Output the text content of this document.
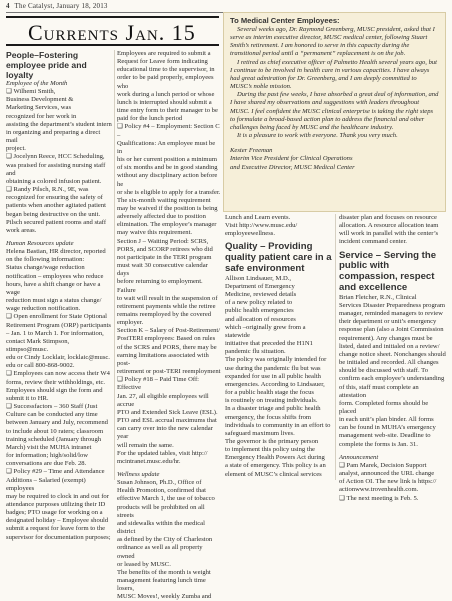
4 The Catalyst, January 18, 2013
Currents Jan. 15
People–Fostering employee pride and loyalty
Employee of the Month
❑ Wilhemi Smith,
Business Development &
Marketing Services, was
recognized for her work in
assisting the department’s student intern
in organizing and preparing a direct mail
project.
❑ Jocelynn Reece, HCC Scheduling,
was praised for assisting nursing staff and
obtaining a colored infusion patient.
❑ Randy Pilsch, R.N., 9E, was
recognized for ensuring the safety of
patients when another agitated patient
began being destructive on the unit.
Pilsch secured patient rooms and staff
work areas.
Human Resources update
Helena Bastian, HR director, reported
on the following information:
Status change/wage reduction
notification – employees who reduce
hours, have a shift change or have a wage
reduction must sign a status change/
wage reduction notification.
❑ Open enrollment for State Optional
Retirement Program (ORP) participants
– Jan. 1 to March 1. For information,
contact Mark Stimpson, stimpso@musc.
edu or Cindy Locklair, locklaic@musc.
edu or call 800-868-9002.
❑ Employees can now access their W4
forms, review their withholdings, etc.
Employees should sign the form and
submit it to HR.
❑ Successfactors – 360 Staff (Just
Culture can be conducted any time
between January and July, recommend
to include about 10 raters; classroom
training scheduled (January through
March) visit the MUHA intranet
for information; high/solid/low
conversations are due Feb. 28.
❑ Policy #29 – Time and Attendance
Additions – Salaried (exempt) employees
may be required to clock in and out for
attendance purposes utilizing their ID
badges; PTO usage for working on a
designated holiday – Employee should
submit a request for leave form to the
supervisor for documentation purposes;
Employees are required to submit a
Request for Leave form indicating
educational time to the supervisor, in
order to be paid properly, employees who
work during a lunch period or whose
lunch is interrupted should submit a
time entry form to their manager to be
paid for the lunch period
❑ Policy #4 – Employment: Section C –
Qualifications: An employee must be in
his or her current position a minimum
of six months and be in good standing
without any disciplinary action before he
or she is eligible to apply for a transfer.
The six-month waiting requirement
may be waived if the position is being
adversely affected due to position
elimination. The employee’s manager
may waive this requirement.
Section J – Waiting Period: SCRS,
PORS, and SCORP retirees who did
not participate in the TERI program
must wait 30 consecutive calendar days
before returning to employment. Failure
to wait will result in the suspension of
retirement payments while the retiree
remains reemployed by the covered
employer.
Section K – Salary of Post-Retirement/
PostTERI employees: Based on rules
of the SCRS and PORS, there may be
earning limitations associated with post-
retirement or post-TERI reemployment
❑ Policy #18 – Paid Time Off: Effective
Jan. 27, all eligible employees will accrue
PTO and Extended Sick Leave (ESL).
PTO and ESL accrual maximums that
can carry over into the new calendar year
will remain the same.
For the updated tables, visit http://
mcintranet.musc.edu/hr.
Wellness update
Susan Johnson, Ph.D., Office of
Health Promotion, confirmed that
effective March 1, the use of tobacco
products will be prohibited on all streets
and sidewalks within the medical district
as defined by the City of Charleston
ordinance as well as all property owned
or leased by MUSC.
The benefits of the month is weight
management featuring lunch time losers,
MUSC Moves!, weekly Zumba and
To Medical Center Employees:

Several weeks ago, Dr. Raymond Greenberg, MUSC president, asked that I serve as interim executive director, MUSC medical center, following Stuart Smith’s retirement. I am honored to serve in this capacity during the transitional period until a “permanent” replacement is on the job.

I retired as chief executive officer of Palmetto Health several years ago, but I continue to be involved in health care in various capacities. I have always had great admiration for Dr. Greenberg, and I am deeply committed to MUSC’s noble mission.

During the past few weeks, I have absorbed a great deal of information, and I have shared my observations and suggestions with leaders throughout MUSC. I feel confident the MUSC clinical enterprise is taking the right steps to formulate a broad-based action plan to address the financial and other challenges being faced by MUSC and the healthcare industry.

It is a pleasure to work with everyone. Thank you very much.

Kester Freeman

Interim Vice President for Clinical Operations

and Executive Director, MUSC Medical Center

Lunch and Learn events.
Visit http://www.musc.edu/
employeewellness.
Quality – Providing quality patient care in a safe environment
Allison Lindsauer, M.D.,
Department of Emergency
Medicine, reviewed details
of a new policy related to
public health emergencies
and allocation of resources
which –originally grew from a statewide
initiative that preceded the H1N1
pandemic flu situation.
The policy was originally intended for
use during the pandemic flu but was
expanded for use in all public health
emergencies. According to Lindsauer,
for a public health stage the focus
is routinely on treating individuals.
In a disaster triage and public health
emergency, the focus shifts from
individuals to community in an effort to
safeguard maximum lives.
The governor is the primary person
to implement this policy using the
Emergency Health Powers Act during
a state of emergency. This policy is an
element of MUSC’s clinical services
disaster plan and focuses on resource
allocation. A resource allocation team
will work in parallel with the center’s
incident command center.
Service – Serving the public with compassion, respect and excellence
Brian Fletcher, R.N., Clinical
Services Disaster Preparedness program
manager, reminded managers to review
their department or unit’s emergency
response plan (also a Joint Commission
requirement). Any changes must be
listed, dated and initialed on a review/
change notice sheet. Nonchanges should
be initialed and recorded. All changes
should be discussed with staff. To
confirm each employee’s understanding
of this, staff must complete an attestation
form. Completed forms should be placed
in each unit’s plan binder. All forms
can be found in MUHA’s emergency
management web-site. Deadline to
complete the forms is Jan. 31.
Announcement
❑ Pam Marek, Decision Support
analyst, announced the URL change
of Action OI. The new link is https://
actionwww.trovenhealth.com.
❑ The next meeting is Feb. 5.
